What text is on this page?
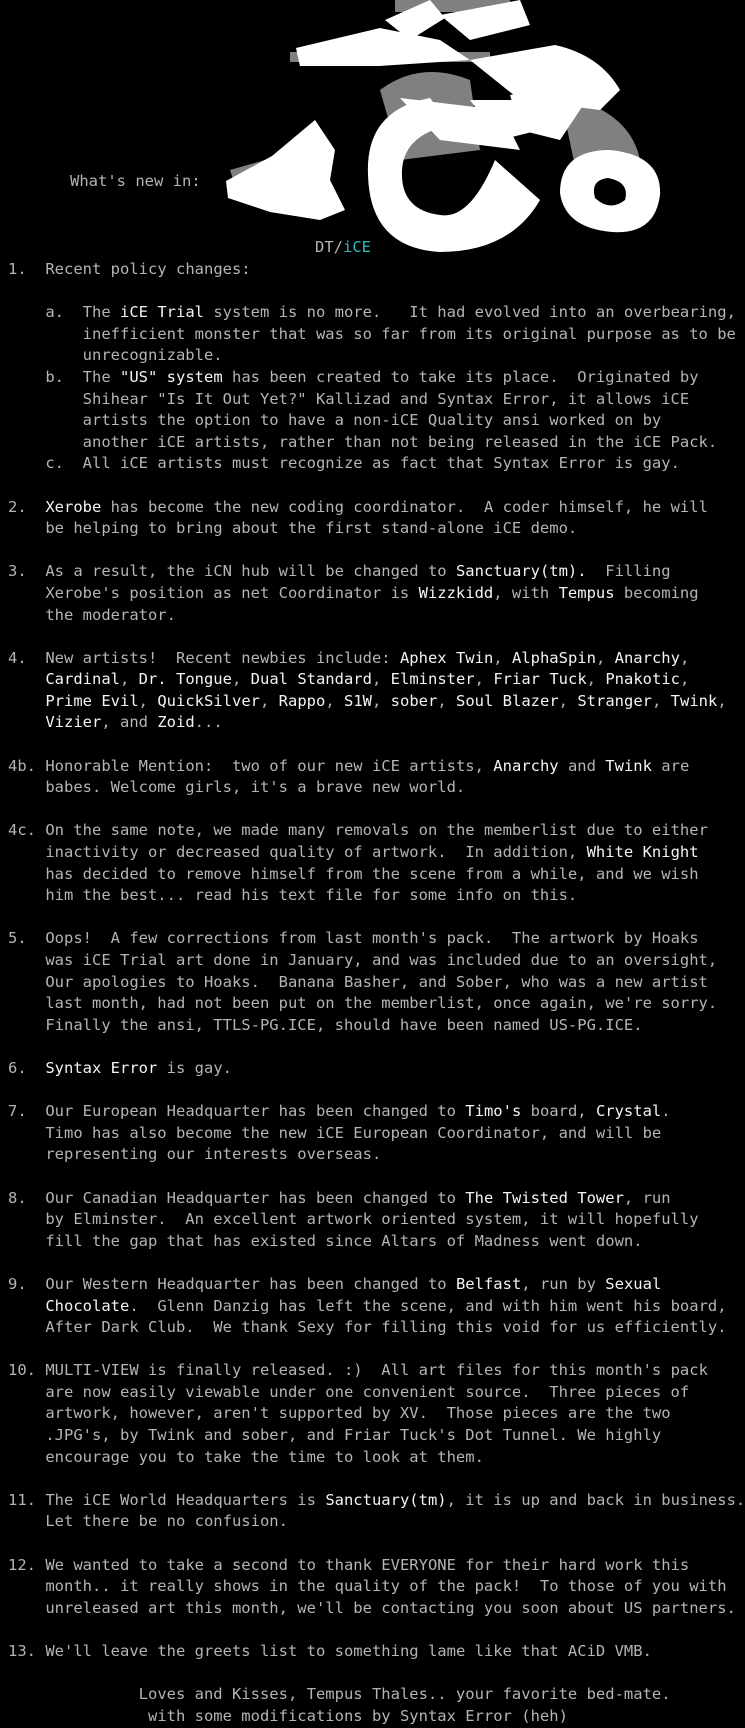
What's new in:
DT/iCE
1. Recent policy changes:
a. The iCE Trial system is no more.   It had evolved into an overbearing,
inefficient monster that was so far from its original purpose as to be
unrecognizable.
b. The "US" system has been created to take its place.  Originated by
Shihear "Is It Out Yet?" Kallizad and Syntax Error, it allows iCE
artists the option to have a non-iCE Quality ansi worked on by
another iCE artists, rather than not being released in the iCE Pack.
c. All iCE artists must recognize as fact that Syntax Error is gay.
2. Xerobe has become the new coding coordinator.  A coder himself, he will
be helping to bring about the first stand-alone iCE demo.
3. As a result, the iCN hub will be changed to Sanctuary(tm).  Filling
Xerobe's position as net Coordinator is Wizzkidd, with Tempus becoming
the moderator.
4. New artists!  Recent newbies include: Aphex Twin, AlphaSpin, Anarchy,
Cardinal, Dr. Tongue, Dual Standard, Elminster, Friar Tuck, Pnakotic,
Prime Evil, QuickSilver, Rappo, S1W, sober, Soul Blazer, Stranger, Twink,
Vizier, and Zoid...
4b. Honorable Mention:  two of our new iCE artists, Anarchy and Twink are
babes. Welcome girls, it's a brave new world.
4c. On the same note, we made many removals on the memberlist due to either
inactivity or decreased quality of artwork.  In addition, White Knight
has decided to remove himself from the scene from a while, and we wish
him the best... read his text file for some info on this.
5. Oops!  A few corrections from last month's pack.  The artwork by Hoaks
was iCE Trial art done in January, and was included due to an oversight,
Our apologies to Hoaks.  Banana Basher, and Sober, who was a new artist
last month, had not been put on the memberlist, once again, we're sorry.
Finally the ansi, TTLS-PG.ICE, should have been named US-PG.ICE.
6. Syntax Error is gay.
7. Our European Headquarter has been changed to Timo's board, Crystal.
Timo has also become the new iCE European Coordinator, and will be
representing our interests overseas.
8. Our Canadian Headquarter has been changed to The Twisted Tower, run
by Elminster.  An excellent artwork oriented system, it will hopefully
fill the gap that has existed since Altars of Madness went down.
9. Our Western Headquarter has been changed to Belfast, run by Sexual
Chocolate.  Glenn Danzig has left the scene, and with him went his board,
After Dark Club.  We thank Sexy for filling this void for us efficiently.
10. MULTI-VIEW is finally released. :)  All art files for this month's pack
are now easily viewable under one convenient source.  Three pieces of
artwork, however, aren't supported by XV.  Those pieces are the two
.JPG's, by Twink and sober, and Friar Tuck's Dot Tunnel. We highly
encourage you to take the time to look at them.
11. The iCE World Headquarters is Sanctuary(tm), it is up and back in business.
Let there be no confusion.
12. We wanted to take a second to thank EVERYONE for their hard work this
month.. it really shows in the quality of the pack!  To those of you with
unreleased art this month, we'll be contacting you soon about US partners.
13. We'll leave the greets list to something lame like that ACiD VMB.
Loves and Kisses, Tempus Thales.. your favorite bed-mate.
with some modifications by Syntax Error (heh)
